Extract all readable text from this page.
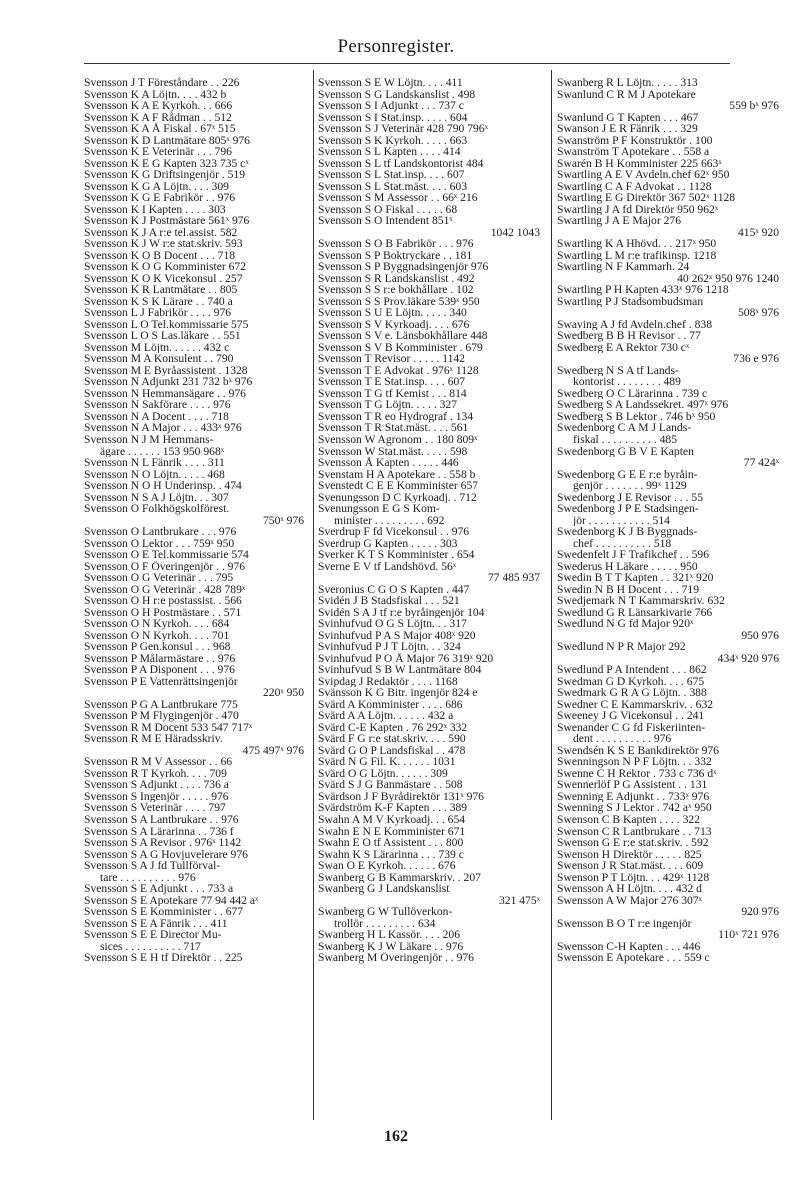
Personregister.
Svensson J T Föreståndare . . 226
Svensson K A Löjtn. . . . 432 b
Svensson K A E Kyrkoh. . . 666
Svensson K A F Rådman . . 512
Svensson K A Å Fiskal . 67ˣ 515
Svensson K D Lantmätare 805ˣ 976
Svensson K E Veterinär . . . 796
Svensson K E G Kapten 323 735 cˣ
Svensson K G Driftsingenjör . 519
Svensson K G A Löjtn. . . . 309
Svensson K G E Fabrikör . . 976
Svensson K I Kapten . . . . 303
Svensson K J Postmästare 561ˣ 976
Svensson K J A r:e tel.assist. 582
Svensson K J W r:e stat.skriv. 593
Svensson K O B Docent . . . 718
Svensson K O G Komminister 672
Svensson K O K Vicekonsul . 257
Svensson K R Lantmätare . . 805
Svensson K S K Lärare . . 740 a
Svensson L J Fabrikör . . . . 976
Svensson L O Tel.kommissarie 575
Svensson L O S Las.läkare . . 551
Svensson M Löjtn. . . . . . 432 c
Svensson M A Konsulent . . 790
Svensson M E Byråassistent . 1328
Svensson N Adjunkt 231 732 bˣ 976
Svensson N Hemmansägare . . 976
Svensson N Sakförare . . . . 976
Svensson N A Docent . . . . 718
Svensson N A Major . . . 433ˣ 976
Svensson N J M Hemmans-
ägare . . . . . . 153 950 968ˣ
Svensson N L Fänrik . . . . 311
Svensson N O Löjtn. . . . . 468
Svensson N O H Underinsp. . 474
Svensson N S A J Löjtn. . . 307
Svensson O Folkhögskolförest.
750ˣ 976
Svensson O Lantbrukare . . . 976
Svensson O Lektor . . . 759ˣ 950
Svensson O E Tel.kommissarie 574
Svensson O F Överingenjör . . 976
Svensson O G Veterinär . . . 795
Svensson O G Veterinär . 428 789ˣ
Svensson O H r:e postassist. . 566
Svensson O H Postmästare . . 571
Svensson O N Kyrkoh. . . . 684
Svensson O N Kyrkoh. . . . 701
Svensson P Gen.konsul . . . 968
Svensson P Målarmästare . . 976
Svensson P A Disponent . . . 976
Svensson P E Vattenrättsingenjör
220ˣ 950
Svensson P G A Lantbrukare 775
Svensson P M Flygingenjör . 470
Svensson R M Docent 533 547 717ˣ
Svensson R M E Häradsskriv.
475 497ˣ 976
Svensson R M V Assessor . . 66
Svensson R T Kyrkoh. . . . 709
Svensson S Adjunkt . . . . 736 a
Svensson S Ingenjör . . . . . 976
Svensson S Veterinär . . . . 797
Svensson S A Lantbrukare . . 976
Svensson S A Lärarinna . . 736 f
Svensson S A Revisor . 976ˣ 1142
Svensson S A G Hovjuvelerare 976
Svensson S A J fd Tullförval-
tare . . . . . . . . . . 976
Svensson S E Adjunkt . . . 733 a
Svensson S E Apotekare 77 94 442 aˣ
Svensson S E Komminister . . 677
Svensson S E A Fänrik . . . 411
Svensson S E E Director Mu-
sices . . . . . . . . . . 717
Svensson S E H tf Direktör . . 225
Svensson S E W Löjtn. . . . 411
Svensson S G Landskanslist . 498
Svensson S I Adjunkt . . . 737 c
Svensson S I Stat.insp. . . . . 604
Svensson S J Veterinär 428 790 796ˣ
Svensson S K Kyrkoh. . . . . 663
Svensson S L Kapten . . . . 414
Svensson S L tf Landskontorist 484
Svensson S L Stat.insp. . . . 607
Svensson S L Stat.mäst. . . . 603
Svensson S M Assessor . . 66ˣ 216
Svensson S O Fiskal . . . . . 68
Svensson S O Intendent 851ˣ
1042 1043
Svensson S O B Fabrikör . . . 976
Svensson S P Boktryckare . . 181
Svensson S P Byggnadsingenjör 976
Svensson S R Landskanslist . 492
Svensson S S r:e bokhållare . 102
Svensson S S Prov.läkare 539ˣ 950
Svensson S U E Löjtn. . . . . 340
Svensson S V Kyrkoadj. . . . 676
Svensson S V e. Länsbokhållare 448
Svensson S V B Komminister . 679
Svensson T Revisor . . . . . 1142
Svensson T E Advokat . 976ˣ 1128
Svensson T E Stat.insp. . . . 607
Svensson T G tf Kemist . . . 814
Svensson T G Löjtn. . . . . 327
Svensson T R eo Hydrograf . 134
Svensson T R Stat.mäst. . . . 561
Svensson W Agronom . . 180 809ˣ
Svensson W Stat.mäst. . . . . 598
Svensson Å Kapten . . . . . 446
Svenstam H A Apotekare . . 558 b
Svenstedt C E E Komminister 657
Svenungsson D C Kyrkoadj. . 712
Svenungsson E G S Kom-
minister . . . . . . . . . 692
Sverdrup F fd Vicekonsul . . 976
Sverdrup G Kapten . . . . . 303
Sverker K T S Komminister . 654
Sverne E V tf Landshövd. 56ˣ
77 485 937
Sveronius C G O S Kapten . 447
Svidén J B Stadsfiskal . . . 521
Svidén S A J tf r:e byråingenjör 104
Svinhufvud O G S Löjtn. . . 317
Svinhufvud P A S Major 408ˣ 920
Svinhufvud P J T Löjtn. . . 324
Svinhufvud P O Å Major 76 319ˣ 920
Svinhufvud S B W Lantmätare 804
Svipdag J Redaktör . . . . 1168
Svänsson K G Bitr. ingenjör 824 e
Svärd A Komminister . . . . 686
Svärd A A Löjtn. . . . . . 432 a
Svärd C-E Kapten . 76 292ˣ 332
Svärd F G r:e stat.skriv. . . . 590
Svärd G O P Landsfiskal . . 478
Svärd N G Fil. K. . . . . . 1031
Svärd O G Löjtn. . . . . . 309
Svärd S J G Banmästare . . 508
Svärdson J F Byrådirektör 131ˣ 976
Svärdström K-F Kapten . . . 389
Swahn A M V Kyrkoadj. . . 654
Swahn E N E Komminister 671
Swahn E O tf Assistent . . . 800
Swahn K S Lärarinna . . . 739 c
Swan O E Kyrkoh. . . . . . 676
Swanberg G B Kammarskriv. . 207
Swanberg G J Landskanslist
321 475ˣ
Swanberg G W Tullöverkon-
trollör . . . . . . . . . 634
Swanberg H L Kassör. . . . 206
Swanberg K J W Läkare . . 976
Swanberg M Överingenjör . . 976
Swanberg R L Löjtn. . . . . 313
Swanlund C R M J Apotekare
559 bˣ 976
Swanlund G T Kapten . . . 467
Swanson J E R Fänrik . . . 329
Swanström P F Konstruktör . 100
Swanström T Apotekare . . 558 a
Swarén B H Komminister 225 663ˣ
Swartling A E V Avdeln.chef 62ˣ 950
Swartling C A F Advokat . . 1128
Swartling E G Direktör 367 502ˣ 1128
Swartling J A fd Direktör 950 962ˣ
Swartling J A E Major 276
415ˣ 920
Swartling K A Hhövd. . . 217ˣ 950
Swartling L M r:e trafikinsp. 1218
Swartling N F Kammarh. 24
40 262ˣ 950 976 1240
Swartling P H Kapten 433ˣ 976 1218
Swartling P J Stadsombudsman
508ˣ 976
Swaving A J fd Avdeln.chef . 838
Swedberg B B H Revisor . . 77
Swedberg E A Rektor 730 cˣ
736 e 976
Swedberg N S A tf Lands-
kontorist . . . . . . . . 489
Swedberg O C Lärarinna . 739 c
Swedberg S A Landssekret. 497ˣ 976
Swedberg S B Lektor . 746 bˣ 950
Swedenborg C A M J Lands-
fiskal . . . . . . . . . . 485
Swedenborg G B V E Kapten
77 424ˣ
Swedenborg G E E r:e byråin-
genjör . . . . . . . 99ˣ 1129
Swedenborg J E Revisor . . . 55
Swedenborg J P E Stadsingen-
jör . . . . . . . . . . . 514
Swedenborg K J B Byggnads-
chef . . . . . . . . . . 518
Swedenfelt J F Trafikchef . . 596
Swederus H Läkare . . . . . 950
Swedin B T T Kapten . . 321ˣ 920
Swedin N B H Docent . . . 719
Swedjemark N T Kammarskriv. 632
Swedlund G R Länsarkivarie 766
Swedlund N G fd Major 920ˣ
950 976
Swedlund N P R Major 292
434ˣ 920 976
Swedlund P A Intendent . . . 862
Swedman G D Kyrkoh. . . . 675
Swedmark G R A G Löjtn. . 388
Swedner C E Kammarskriv. . 632
Sweeney J G Vicekonsul . . 241
Swenander C G fd Fiskeriinten-
dent . . . . . . . . . . 976
Swendsén K S E Bankdirektör 976
Swenningson N P F Löjtn. . . 332
Swenne C H Rektor . 733 c 736 dˣ
Swennerlöf P G Assistent . . 131
Swenning E Adjunkt . . 733ˣ 976
Swenning S J Lektor . 742 aˣ 950
Swenson C B Kapten . . . . 322
Swenson C R Lantbrukare . . 713
Swenson G E r:e stat.skriv. . 592
Swenson H Direktör . . . . . 825
Swenson J R Stat.mäst. . . . 609
Swenson P T Löjtn. . . 429ˣ 1128
Swensson A H Löjtn. . . . 432 d
Swensson A W Major 276 307ˣ
920 976
Swensson B O T r:e ingenjör
110ˣ 721 976
Swensson C-H Kapten . . . 446
Swensson E Apotekare . . . 559 c
162
